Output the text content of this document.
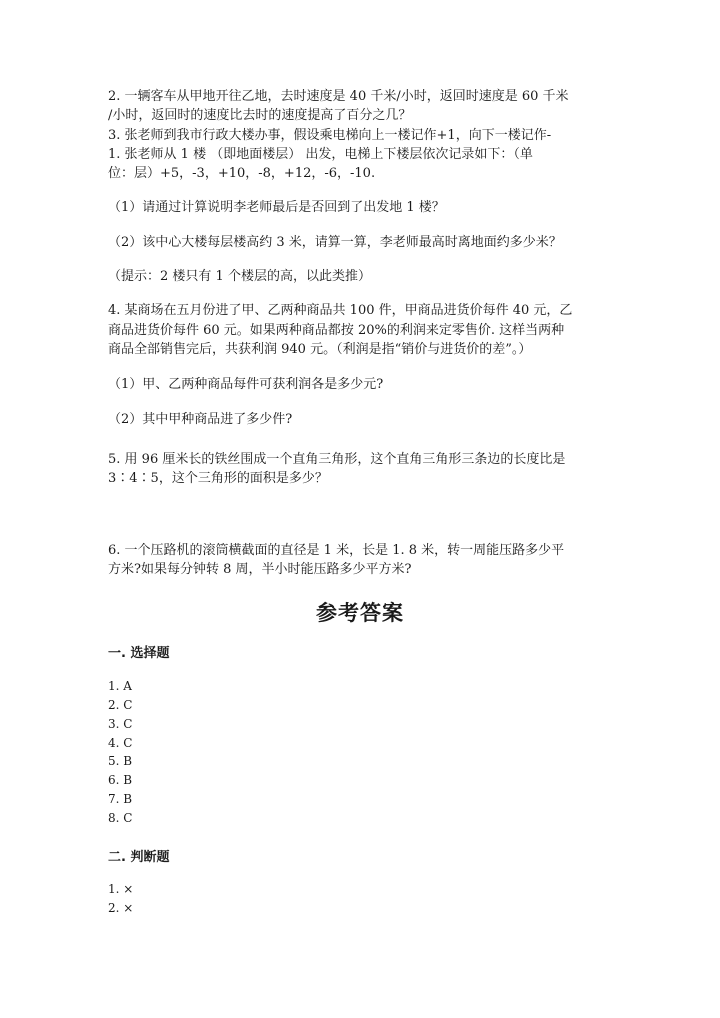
2. 一辆客车从甲地开往乙地，去时速度是 40 千米/小时，返回时速度是 60 千米
/小时，返回时的速度比去时的速度提高了百分之几？
3. 张老师到我市行政大楼办事，假设乘电梯向上一楼记作+1，向下一楼记作-
1. 张老师从 1 楼 （即地面楼层） 出发，电梯上下楼层依次记录如下：（单
位：层）+5，-3，+10，-8，+12，-6，-10.
（1）请通过计算说明李老师最后是否回到了出发地 1 楼？
（2）该中心大楼每层楼高约 3 米，请算一算，李老师最高时离地面约多少米？
（提示：2 楼只有 1 个楼层的高，以此类推）
4. 某商场在五月份进了甲、乙两种商品共 100 件，甲商品进货价每件 40 元，乙
商品进货价每件 60 元。如果两种商品都按 20%的利润来定零售价. 这样当两种
商品全部销售完后，共获利润 940 元。（利润是指“销价与进货价的差”。）
（1）甲、乙两种商品每件可获利润各是多少元?
（2）其中甲种商品进了多少件?
5. 用 96 厘米长的铁丝围成一个直角三角形，这个直角三角形三条边的长度比是
3∶4∶5，这个三角形的面积是多少？
6. 一个压路机的滚筒横截面的直径是 1 米，长是 1. 8 米，转一周能压路多少平
方米?如果每分钟转 8 周，半小时能压路多少平方米?
参考答案
一. 选择题
1. A
2. C
3. C
4. C
5. B
6. B
7. B
8. C
二. 判断题
1. ×
2. ×
